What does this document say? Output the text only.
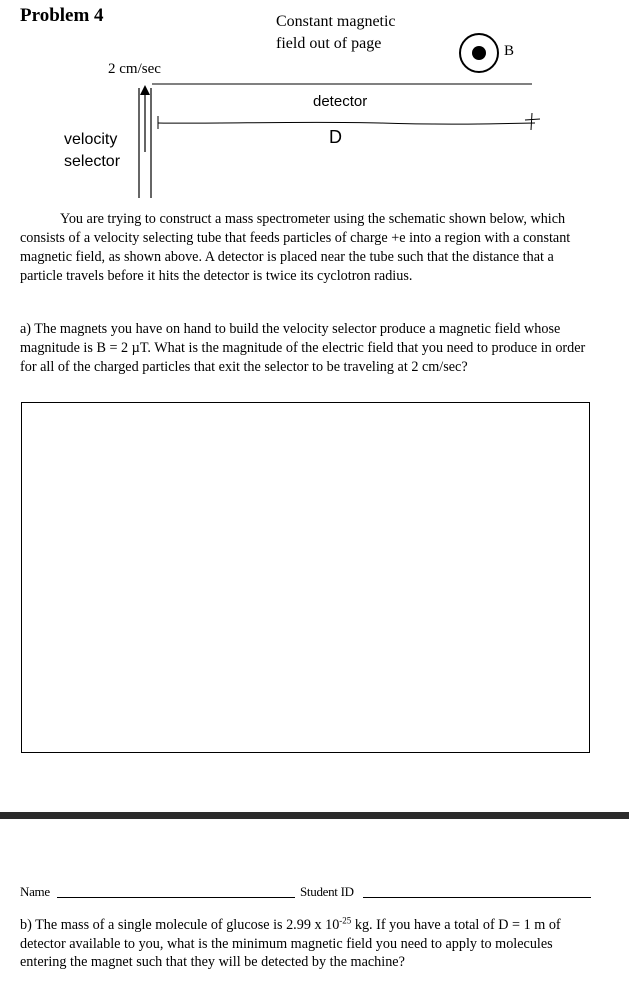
Problem 4	Constant magnetic
field out of page
2 cm/sec
detector
D
B
velocity
selector

You are trying to construct a mass spectrometer using the schematic shown below, which consists of a velocity selecting tube that feeds particles of charge +e into a region with a constant magnetic field, as shown above. A detector is placed near the tube such that the distance that a particle travels before it hits the detector is twice its cyclotron radius.

a) The magnets you have on hand to build the velocity selector produce a magnetic field whose magnitude is B = 2 µT. What is the magnitude of the electric field that you need to produce in order for all of the charged particles that exit the selector to be traveling at 2 cm/sec?

Name	Student ID

b) The mass of a single molecule of glucose is 2.99 x $10^{-25}$ kg. If you have a total of D = 1 m of detector available to you, what is the minimum magnetic field you need to apply to molecules entering the magnet such that they will be detected by the machine?
